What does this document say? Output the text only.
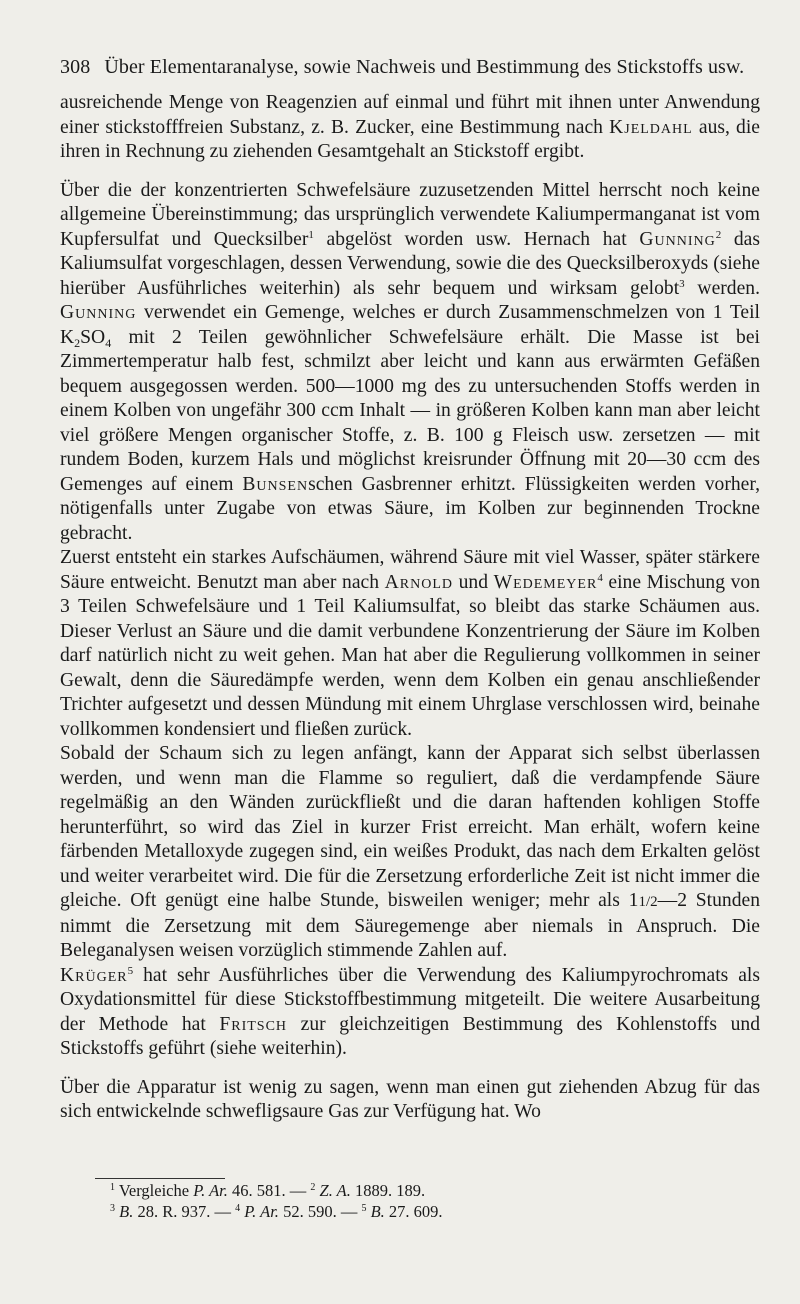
308 Über Elementaranalyse, sowie Nachweis und Bestimmung des Stickstoffs usw.

ausreichende Menge von Reagenzien auf einmal und führt mit ihnen unter Anwendung einer stickstofffreien Substanz, z. B. Zucker, eine Bestimmung nach Kjeldahl aus, die ihren in Rechnung zu ziehenden Gesamtgehalt an Stickstoff ergibt.

Über die der konzentrierten Schwefelsäure zuzusetzenden Mittel herrscht noch keine allgemeine Übereinstimmung; das ursprünglich verwendete Kaliumpermanganat ist vom Kupfersulfat und Quecksilber$^1$ abgelöst worden usw. Hernach hat Gunning$^2$ das Kaliumsulfat vorgeschlagen, dessen Verwendung, sowie die des Quecksilberoxyds (siehe hierüber Ausführliches weiterhin) als sehr bequem und wirksam gelobt$^3$ werden. Gunning verwendet ein Gemenge, welches er durch Zusammenschmelzen von 1 Teil $K_2SO_4$ mit 2 Teilen gewöhnlicher Schwefelsäure erhält. Die Masse ist bei Zimmertemperatur halb fest, schmilzt aber leicht und kann aus erwärmten Gefäßen bequem ausgegossen werden. 500—1000 mg des zu untersuchenden Stoffs werden in einem Kolben von ungefähr 300 ccm Inhalt — in größeren Kolben kann man aber leicht viel größere Mengen organischer Stoffe, z. B. 100 g Fleisch usw. zersetzen — mit rundem Boden, kurzem Hals und möglichst kreisrunder Öffnung mit 20—30 ccm des Gemenges auf einem Bunsenschen Gasbrenner erhitzt. Flüssigkeiten werden vorher, nötigenfalls unter Zugabe von etwas Säure, im Kolben zur beginnenden Trockne gebracht.

Zuerst entsteht ein starkes Aufschäumen, während Säure mit viel Wasser, später stärkere Säure entweicht. Benutzt man aber nach Arnold und Wedemeyer$^4$ eine Mischung von 3 Teilen Schwefelsäure und 1 Teil Kaliumsulfat, so bleibt das starke Schäumen aus. Dieser Verlust an Säure und die damit verbundene Konzentrierung der Säure im Kolben darf natürlich nicht zu weit gehen. Man hat aber die Regulierung vollkommen in seiner Gewalt, denn die Säuredämpfe werden, wenn dem Kolben ein genau anschließender Trichter aufgesetzt und dessen Mündung mit einem Uhrglase verschlossen wird, beinahe vollkommen kondensiert und fließen zurück.

Sobald der Schaum sich zu legen anfängt, kann der Apparat sich selbst überlassen werden, und wenn man die Flamme so reguliert, daß die verdampfende Säure regelmäßig an den Wänden zurückfließt und die daran haftenden kohligen Stoffe herunterführt, so wird das Ziel in kurzer Frist erreicht. Man erhält, wofern keine färbenden Metalloxyde zugegen sind, ein weißes Produkt, das nach dem Erkalten gelöst und weiter verarbeitet wird. Die für die Zersetzung erforderliche Zeit ist nicht immer die gleiche. Oft genügt eine halbe Stunde, bisweilen weniger; mehr als 11/2—2 Stunden nimmt die Zersetzung mit dem Säuregemenge aber niemals in Anspruch. Die Beleganalysen weisen vorzüglich stimmende Zahlen auf.

Krüger$^5$ hat sehr Ausführliches über die Verwendung des Kaliumpyrochromats als Oxydationsmittel für diese Stickstoffbestimmung mitgeteilt. Die weitere Ausarbeitung der Methode hat Fritsch zur gleichzeitigen Bestimmung des Kohlenstoffs und Stickstoffs geführt (siehe weiterhin).

Über die Apparatur ist wenig zu sagen, wenn man einen gut ziehenden Abzug für das sich entwickelnde schwefligsaure Gas zur Verfügung hat. Wo

$^1$ Vergleiche P. Ar. 46. 581. — $^2$ Z. A. 1889. 189.
$^3$ B. 28. R. 937. — $^4$ P. Ar. 52. 590. — $^5$ B. 27. 609.
